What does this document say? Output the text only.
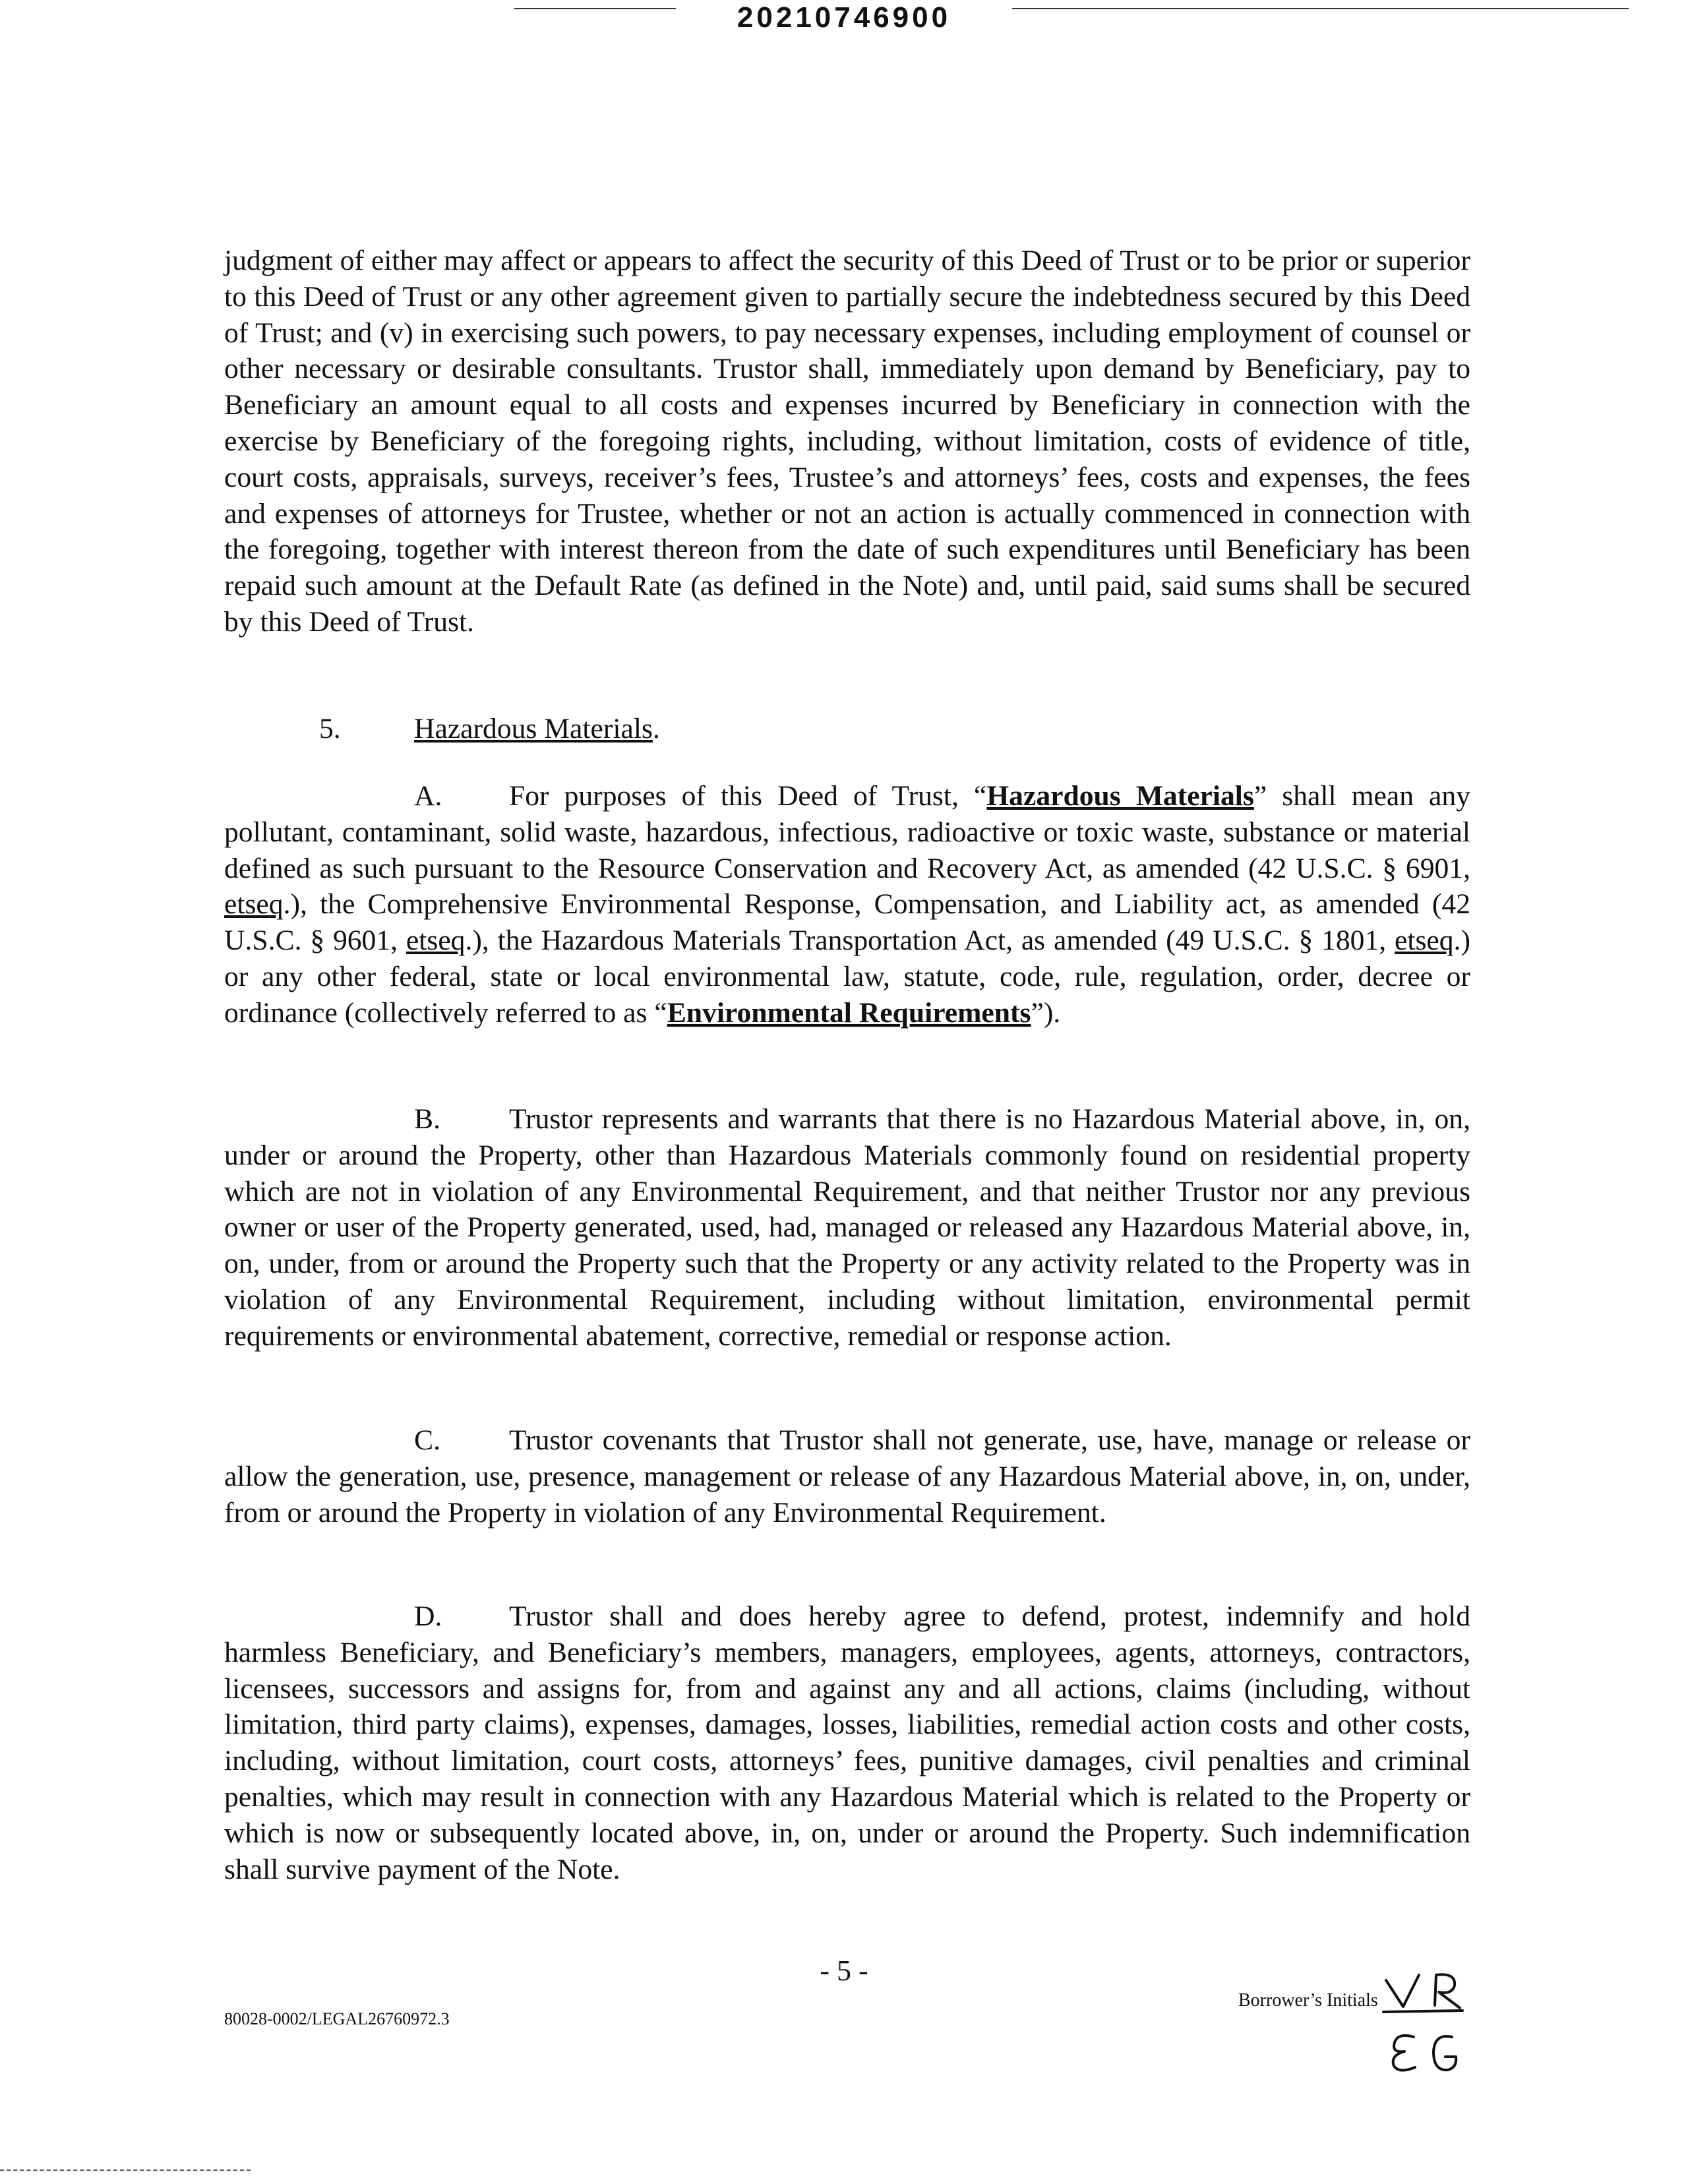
20210746900

judgment of either may affect or appears to affect the security of this Deed of Trust or to be prior or superior to this Deed of Trust or any other agreement given to partially secure the indebtedness secured by this Deed of Trust; and (v) in exercising such powers, to pay necessary expenses, including employment of counsel or other necessary or desirable consultants. Trustor shall, immediately upon demand by Beneficiary, pay to Beneficiary an amount equal to all costs and expenses incurred by Beneficiary in connection with the exercise by Beneficiary of the foregoing rights, including, without limitation, costs of evidence of title, court costs, appraisals, surveys, receiver’s fees, Trustee’s and attorneys’ fees, costs and expenses, the fees and expenses of attorneys for Trustee, whether or not an action is actually commenced in connection with the foregoing, together with interest thereon from the date of such expenditures until Beneficiary has been repaid such amount at the Default Rate (as defined in the Note) and, until paid, said sums shall be secured by this Deed of Trust.

5.	Hazardous Materials.

A. For purposes of this Deed of Trust, “Hazardous Materials” shall mean any pollutant, contaminant, solid waste, hazardous, infectious, radioactive or toxic waste, substance or material defined as such pursuant to the Resource Conservation and Recovery Act, as amended (42 U.S.C. § 6901, etseq.), the Comprehensive Environmental Response, Compensation, and Liability act, as amended (42 U.S.C. § 9601, etseq.), the Hazardous Materials Transportation Act, as amended (49 U.S.C. § 1801, etseq.) or any other federal, state or local environmental law, statute, code, rule, regulation, order, decree or ordinance (collectively referred to as “Environmental Requirements”).

B. Trustor represents and warrants that there is no Hazardous Material above, in, on, under or around the Property, other than Hazardous Materials commonly found on residential property which are not in violation of any Environmental Requirement, and that neither Trustor nor any previous owner or user of the Property generated, used, had, managed or released any Hazardous Material above, in, on, under, from or around the Property such that the Property or any activity related to the Property was in violation of any Environmental Requirement, including without limitation, environmental permit requirements or environmental abatement, corrective, remedial or response action.

C. Trustor covenants that Trustor shall not generate, use, have, manage or release or allow the generation, use, presence, management or release of any Hazardous Material above, in, on, under, from or around the Property in violation of any Environmental Requirement.

D. Trustor shall and does hereby agree to defend, protest, indemnify and hold harmless Beneficiary, and Beneficiary’s members, managers, employees, agents, attorneys, contractors, licensees, successors and assigns for, from and against any and all actions, claims (including, without limitation, third party claims), expenses, damages, losses, liabilities, remedial action costs and other costs, including, without limitation, court costs, attorneys’ fees, punitive damages, civil penalties and criminal penalties, which may result in connection with any Hazardous Material which is related to the Property or which is now or subsequently located above, in, on, under or around the Property. Such indemnification shall survive payment of the Note.

- 5 -
80028-0002/LEGAL26760972.3
Borrower’s Initials
